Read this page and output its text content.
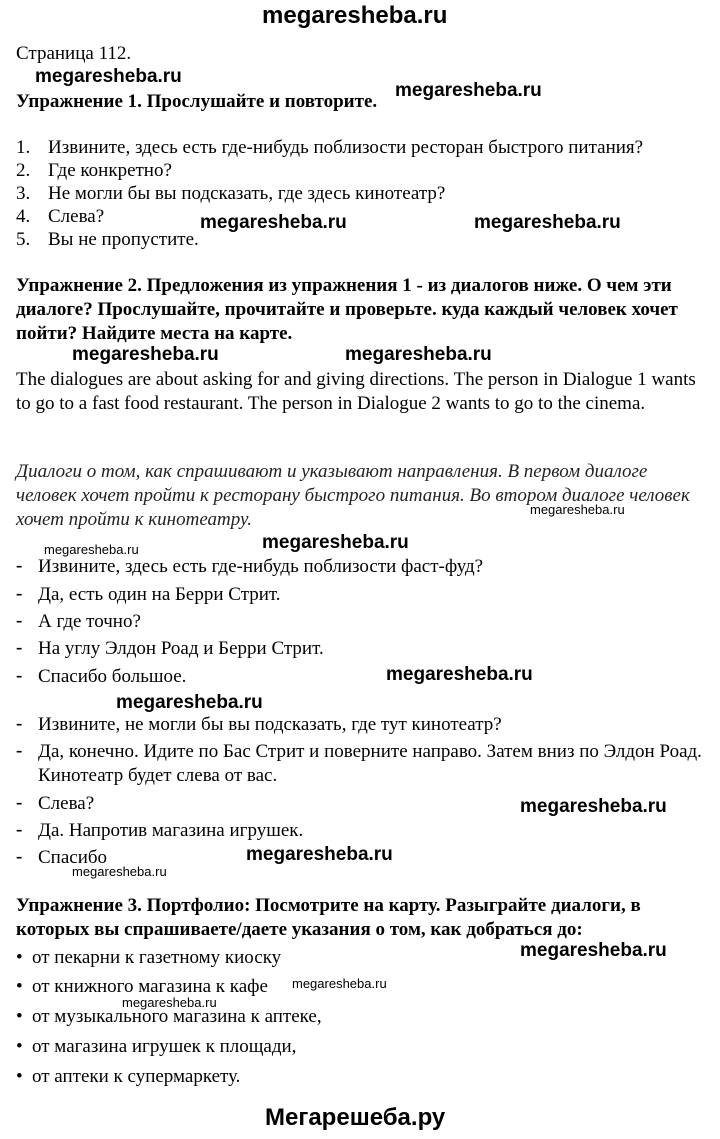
megaresheba.ru
Страница 112.
Упражнение 1. Прослушайте и повторите.
1. Извините, здесь есть где-нибудь поблизости ресторан быстрого питания?
2. Где конкретно?
3. Не могли бы вы подсказать, где здесь кинотеатр?
4. Слева?
5. Вы не пропустите.
Упражнение 2. Предложения из упражнения 1 - из диалогов ниже. О чем эти диалоге? Прослушайте, прочитайте и проверьте. куда каждый человек хочет пойти? Найдите места на карте.
The dialogues are about asking for and giving directions. The person in Dialogue 1 wants to go to a fast food restaurant. The person in Dialogue 2 wants to go to the cinema.
Диалоги о том, как спрашивают и указывают направления. В первом диалоге человек хочет пройти к ресторану быстрого питания. Во втором диалоге человек хочет пройти к кинотеатру.
- Извините, здесь есть где-нибудь поблизости фаст-фуд?
- Да, есть один на Берри Стрит.
- А где точно?
- На углу Элдон Роад и Берри Стрит.
- Спасибо большое.
- Извините, не могли бы вы подсказать, где тут кинотеатр?
- Да, конечно. Идите по Бас Стрит и поверните направо. Затем вниз по Элдон Роад. Кинотеатр будет слева от вас.
- Слева?
- Да. Напротив магазина игрушек.
- Спасибо
Упражнение 3. Портфолио: Посмотрите на карту. Разыграйте диалоги, в которых вы спрашиваете/даете указания о том, как добраться до:
• от пекарни к газетному киоску
• от книжного магазина к кафе
• от музыкального магазина к аптеке,
• от магазина игрушек к площади,
• от аптеки к супермаркету.
Мегарешеба.ру
megaresheba.ru
megaresheba.ru
megaresheba.ru	megaresheba.ru
megaresheba.ru	megaresheba.ru
megaresheba.ru
megaresheba.ru	megaresheba.ru
megaresheba.ru
megaresheba.ru
megaresheba.ru
megaresheba.ru
megaresheba.ru
megaresheba.ru
megaresheba.ru
megaresheba.ru
